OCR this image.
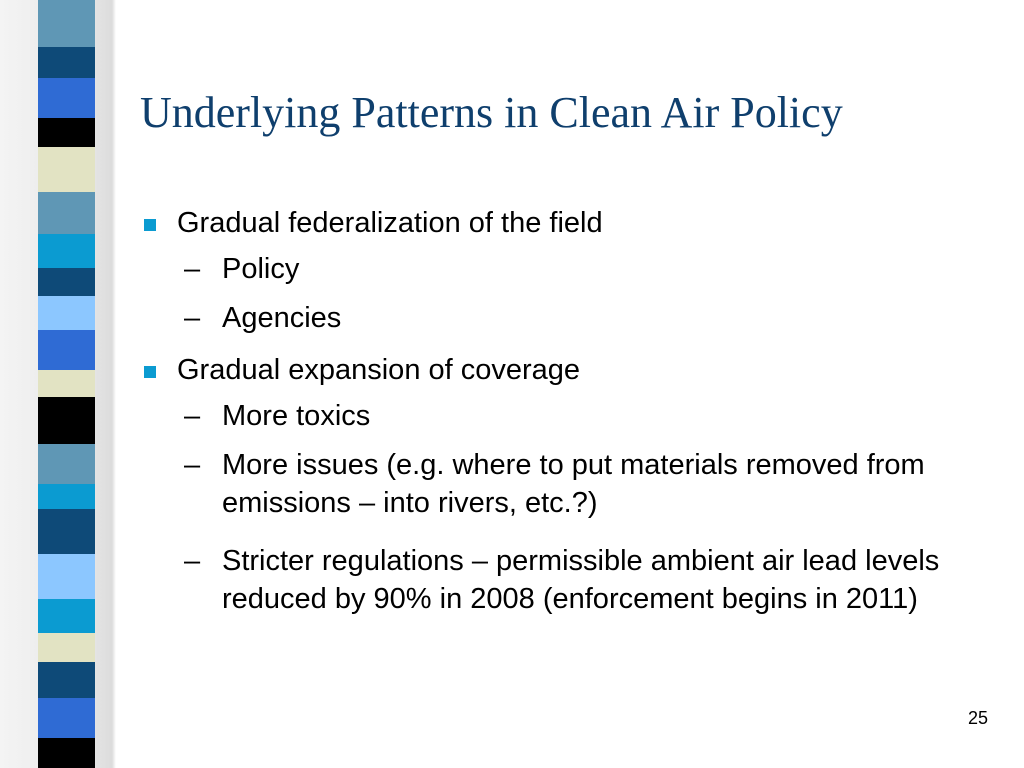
Underlying Patterns in Clean Air Policy
Gradual federalization of the field
– Policy
– Agencies
Gradual expansion of coverage
– More toxics
– More issues (e.g. where to put materials removed from emissions – into rivers, etc.?)
– Stricter regulations – permissible ambient air lead levels reduced by 90% in 2008 (enforcement begins in 2011)
25
